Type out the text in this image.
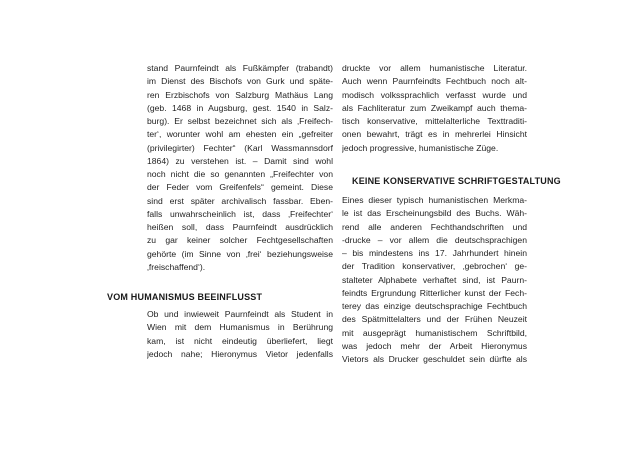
stand Paurnfeindt als Fußkämpfer (trabandt)
im Dienst des Bischofs von Gurk und späte-
ren Erzbischofs von Salzburg Mathäus Lang
(geb. 1468 in Augsburg, gest. 1540 in Salz-
burg). Er selbst bezeichnet sich als ‚Freifech-
ter‘, worunter wohl am ehesten ein „gefreiter
(privilegirter) Fechter“ (Karl Wassmannsdorf
1864) zu verstehen ist. – Damit sind wohl
noch nicht die so genannten „Freifechter von
der Feder vom Greifenfels“ gemeint. Diese
sind erst später archivalisch fassbar. Eben-
falls unwahrscheinlich ist, dass ‚Freifechter‘
heißen soll, dass Paurnfeindt ausdrücklich
zu gar keiner solcher Fechtgesellschaften
gehörte (im Sinne von ‚frei‘ beziehungsweise
‚freischaffend‘).
Ob und inwieweit Paurnfeindt als Student in
Wien mit dem Humanismus in Berührung
kam, ist nicht eindeutig überliefert, liegt
jedoch nahe; Hieronymus Vietor jedenfalls
VOM HUMANISMUS BEEINFLUSST
druckte vor allem humanistische Literatur.
Auch wenn Paurnfeindts Fechtbuch noch alt-
modisch volkssprachlich verfasst wurde und
als Fachliteratur zum Zweikampf auch thema-
tisch konservative, mittelalterliche Texttraditi-
onen bewahrt, trägt es in mehrerlei Hinsicht
jedoch progressive, humanistische Züge.
Eines dieser typisch humanistischen Merkma-
le ist das Erscheinungsbild des Buchs. Wäh-
rend alle anderen Fechthandschriften und
-drucke – vor allem die deutschsprachigen
– bis mindestens ins 17. Jahrhundert hinein
der Tradition konservativer, ‚gebrochen‘ ge-
stalteter Alphabete verhaftet sind, ist Paurn-
feindts Ergrundung Ritterlicher kunst der Fech-
terey das einzige deutschsprachige Fechtbuch
des Spätmittelalters und der Frühen Neuzeit
mit ausgeprägt humanistischem Schriftbild,
was jedoch mehr der Arbeit Hieronymus
Vietors als Drucker geschuldet sein dürfte als
KEINE KONSERVATIVE SCHRIFTGESTALTUNG
